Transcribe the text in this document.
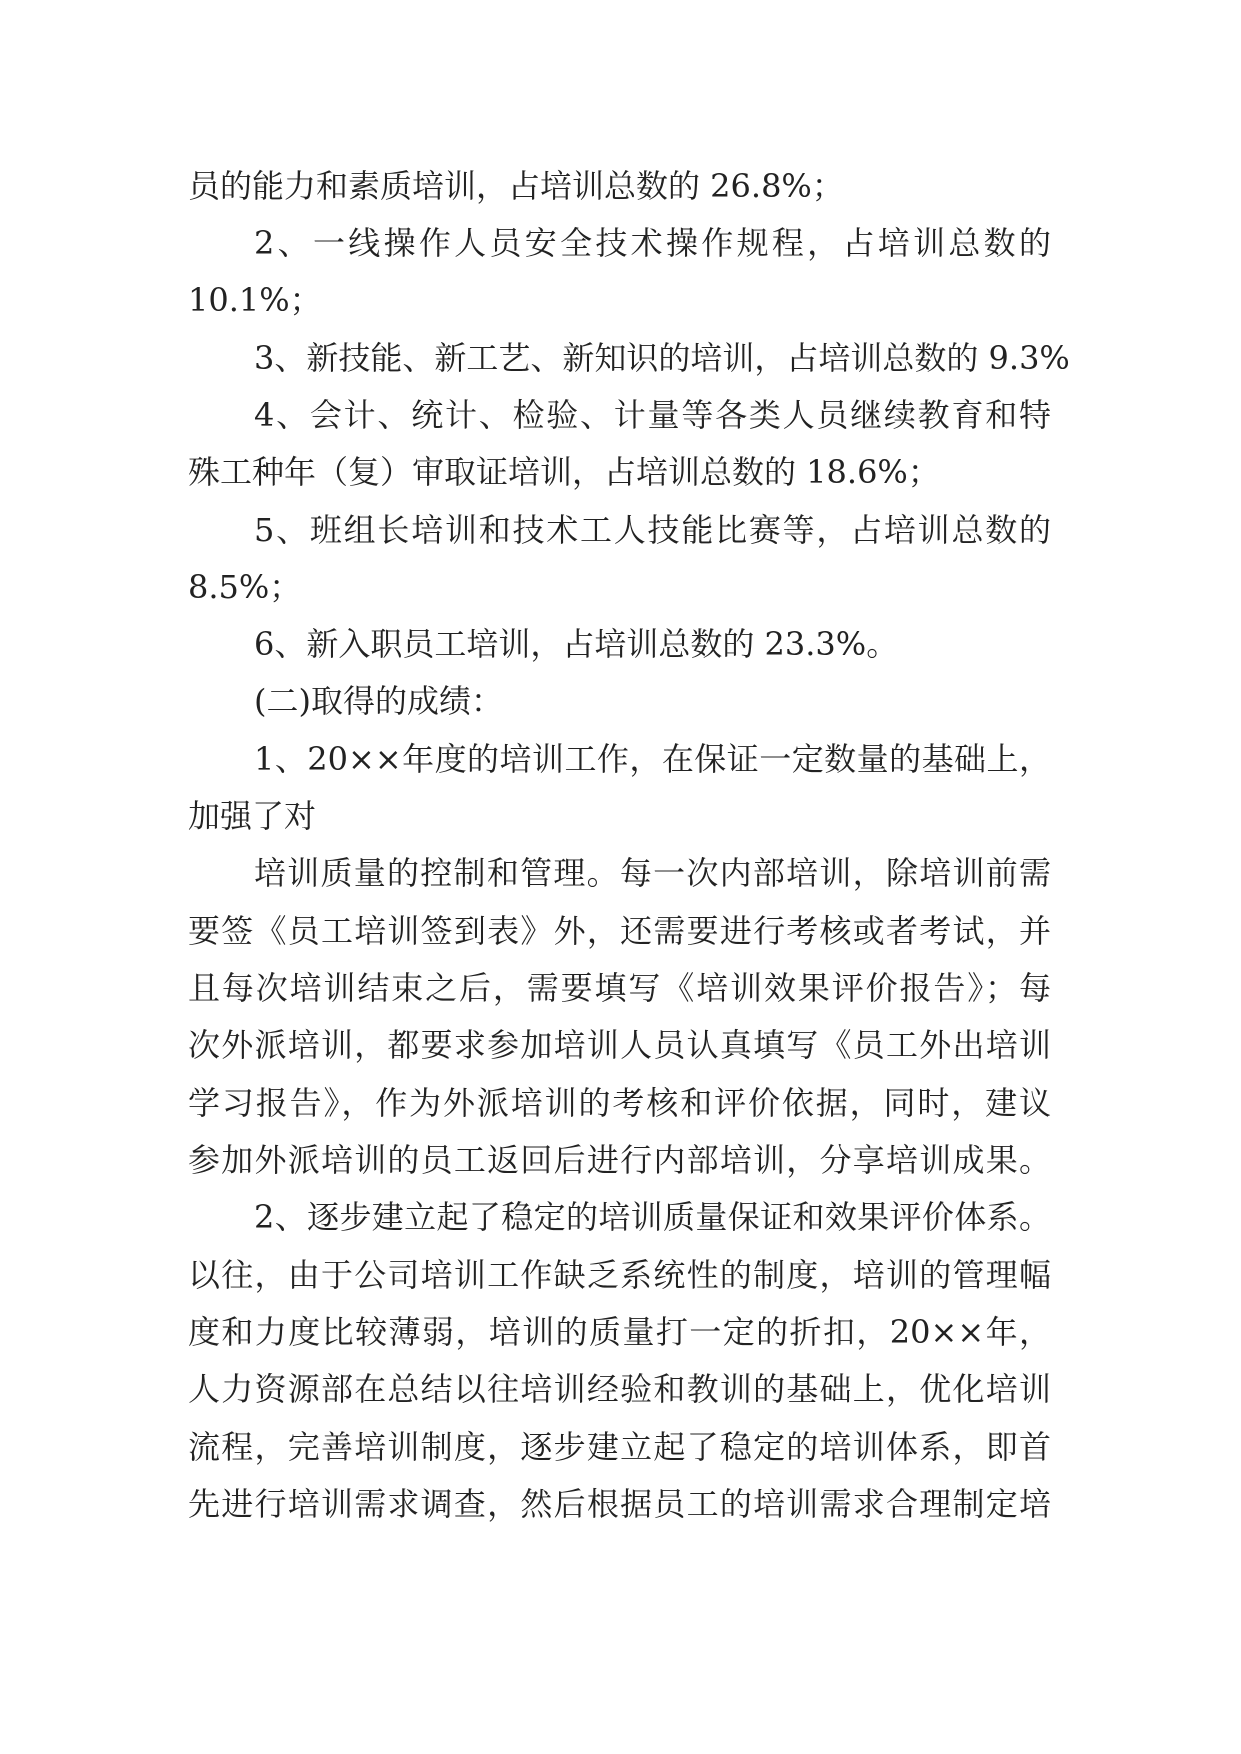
员的能力和素质培训，占培训总数的 26.8%；
2、一线操作人员安全技术操作规程，占培训总数的
10.1%；
3、新技能、新工艺、新知识的培训，占培训总数的 9.3%
4、会计、统计、检验、计量等各类人员继续教育和特
殊工种年（复）审取证培训，占培训总数的 18.6%；
5、班组长培训和技术工人技能比赛等，占培训总数的
8.5%；
6、新入职员工培训，占培训总数的 23.3%。
(二)取得的成绩：
1、20××年度的培训工作，在保证一定数量的基础上，
加强了对
培训质量的控制和管理。每一次内部培训，除培训前需
要签《员工培训签到表》外，还需要进行考核或者考试，并
且每次培训结束之后，需要填写《培训效果评价报告》；每
次外派培训，都要求参加培训人员认真填写《员工外出培训
学习报告》，作为外派培训的考核和评价依据，同时，建议
参加外派培训的员工返回后进行内部培训，分享培训成果。
2、逐步建立起了稳定的培训质量保证和效果评价体系。
以往，由于公司培训工作缺乏系统性的制度，培训的管理幅
度和力度比较薄弱，培训的质量打一定的折扣，20××年，
人力资源部在总结以往培训经验和教训的基础上，优化培训
流程，完善培训制度，逐步建立起了稳定的培训体系，即首
先进行培训需求调查，然后根据员工的培训需求合理制定培
